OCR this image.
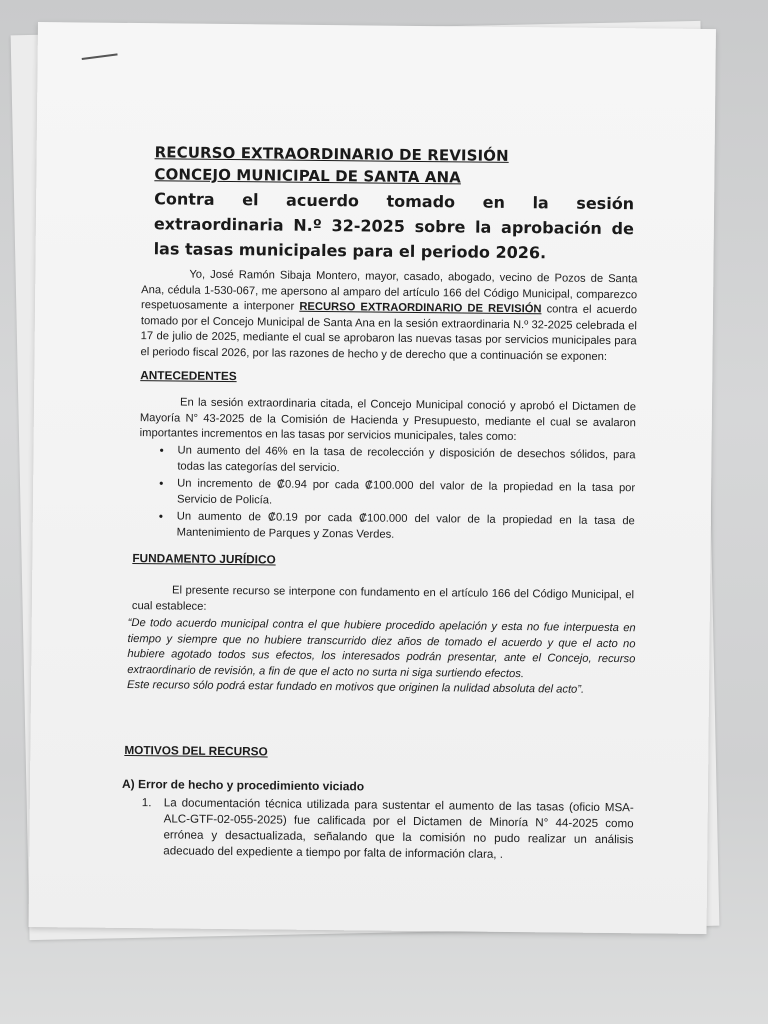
RECURSO EXTRAORDINARIO DE REVISIÓN
CONCEJO MUNICIPAL DE SANTA ANA
Contra el acuerdo tomado en la sesión extraordinaria N.º 32-2025 sobre la aprobación de las tasas municipales para el periodo 2026.
Yo, José Ramón Sibaja Montero, mayor, casado, abogado, vecino de Pozos de Santa Ana, cédula 1-530-067, me apersono al amparo del artículo 166 del Código Municipal, comparezco respetuosamente a interponer RECURSO EXTRAORDINARIO DE REVISIÓN contra el acuerdo tomado por el Concejo Municipal de Santa Ana en la sesión extraordinaria N.º 32-2025 celebrada el 17 de julio de 2025, mediante el cual se aprobaron las nuevas tasas por servicios municipales para el periodo fiscal 2026, por las razones de hecho y de derecho que a continuación se exponen:
ANTECEDENTES
En la sesión extraordinaria citada, el Concejo Municipal conoció y aprobó el Dictamen de Mayoría N° 43-2025 de la Comisión de Hacienda y Presupuesto, mediante el cual se avalaron importantes incrementos en las tasas por servicios municipales, tales como:
• Un aumento del 46% en la tasa de recolección y disposición de desechos sólidos, para todas las categorías del servicio.
• Un incremento de ₡0.94 por cada ₡100.000 del valor de la propiedad en la tasa por Servicio de Policía.
• Un aumento de ₡0.19 por cada ₡100.000 del valor de la propiedad en la tasa de Mantenimiento de Parques y Zonas Verdes.
FUNDAMENTO JURÍDICO
El presente recurso se interpone con fundamento en el artículo 166 del Código Municipal, el cual establece:
“De todo acuerdo municipal contra el que hubiere procedido apelación y esta no fue interpuesta en tiempo y siempre que no hubiere transcurrido diez años de tomado el acuerdo y que el acto no hubiere agotado todos sus efectos, los interesados podrán presentar, ante el Concejo, recurso extraordinario de revisión, a fin de que el acto no surta ni siga surtiendo efectos.
Este recurso sólo podrá estar fundado en motivos que originen la nulidad absoluta del acto”.
MOTIVOS DEL RECURSO
A) Error de hecho y procedimiento viciado
1. La documentación técnica utilizada para sustentar el aumento de las tasas (oficio MSA-ALC-GTF-02-055-2025) fue calificada por el Dictamen de Minoría N° 44-2025 como errónea y desactualizada, señalando que la comisión no pudo realizar un análisis adecuado del expediente a tiempo por falta de información clara, .
